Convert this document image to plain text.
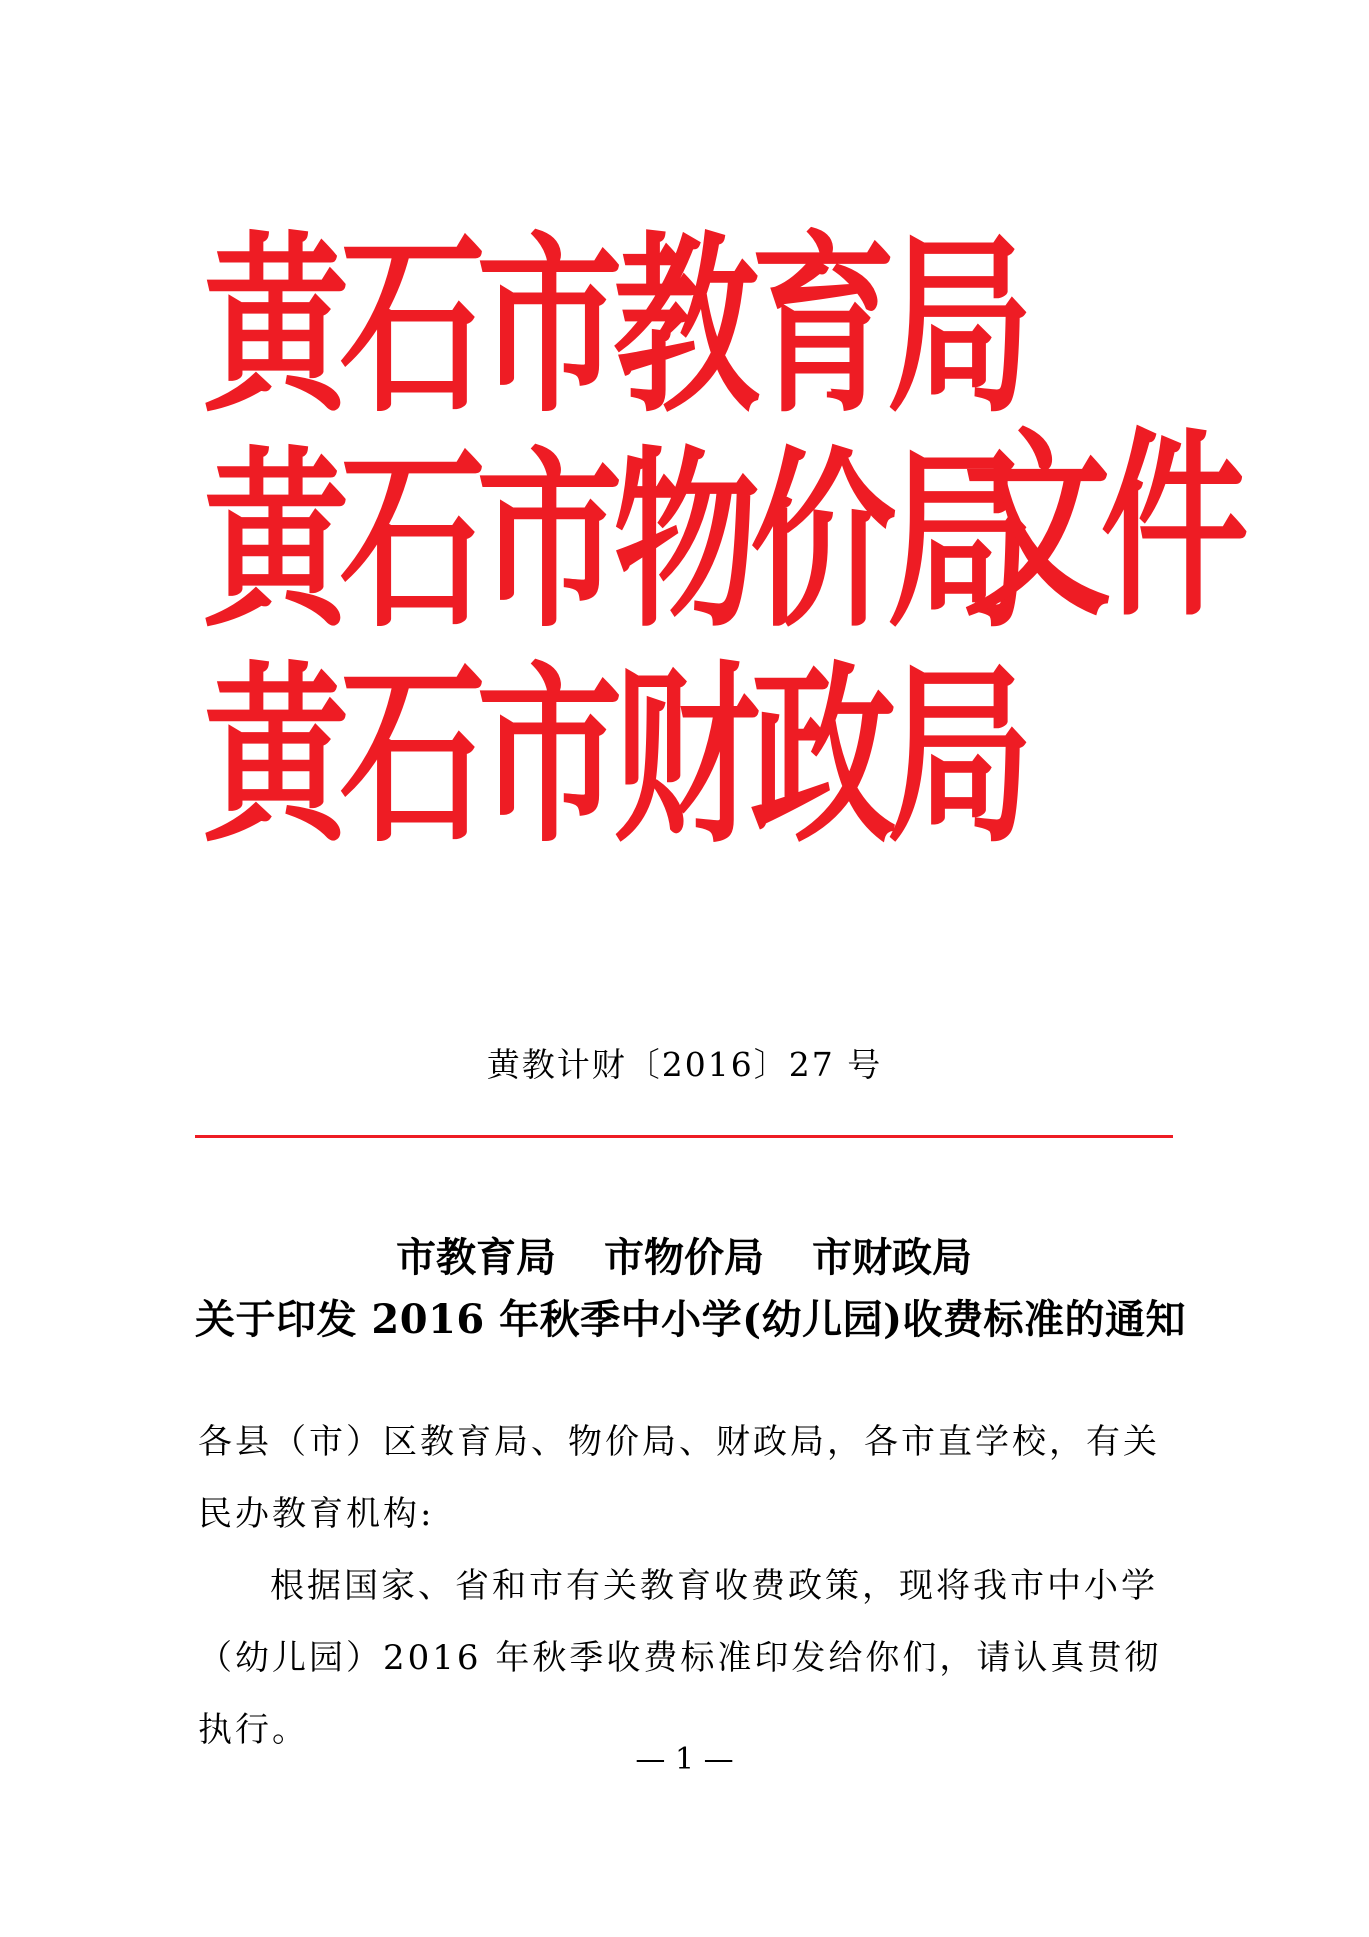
黄石市教育局
黄石市物价局
黄石市财政局
文件
黄教计财〔2016〕27 号
市教育局 市物价局 市财政局
关于印发 2016 年秋季中小学(幼儿园)收费标准的通知
各县（市）区教育局、物价局、财政局，各市直学校，有关民办教育机构:
根据国家、省和市有关教育收费政策，现将我市中小学（幼儿园）2016 年秋季收费标准印发给你们，请认真贯彻执行。
— 1 —
